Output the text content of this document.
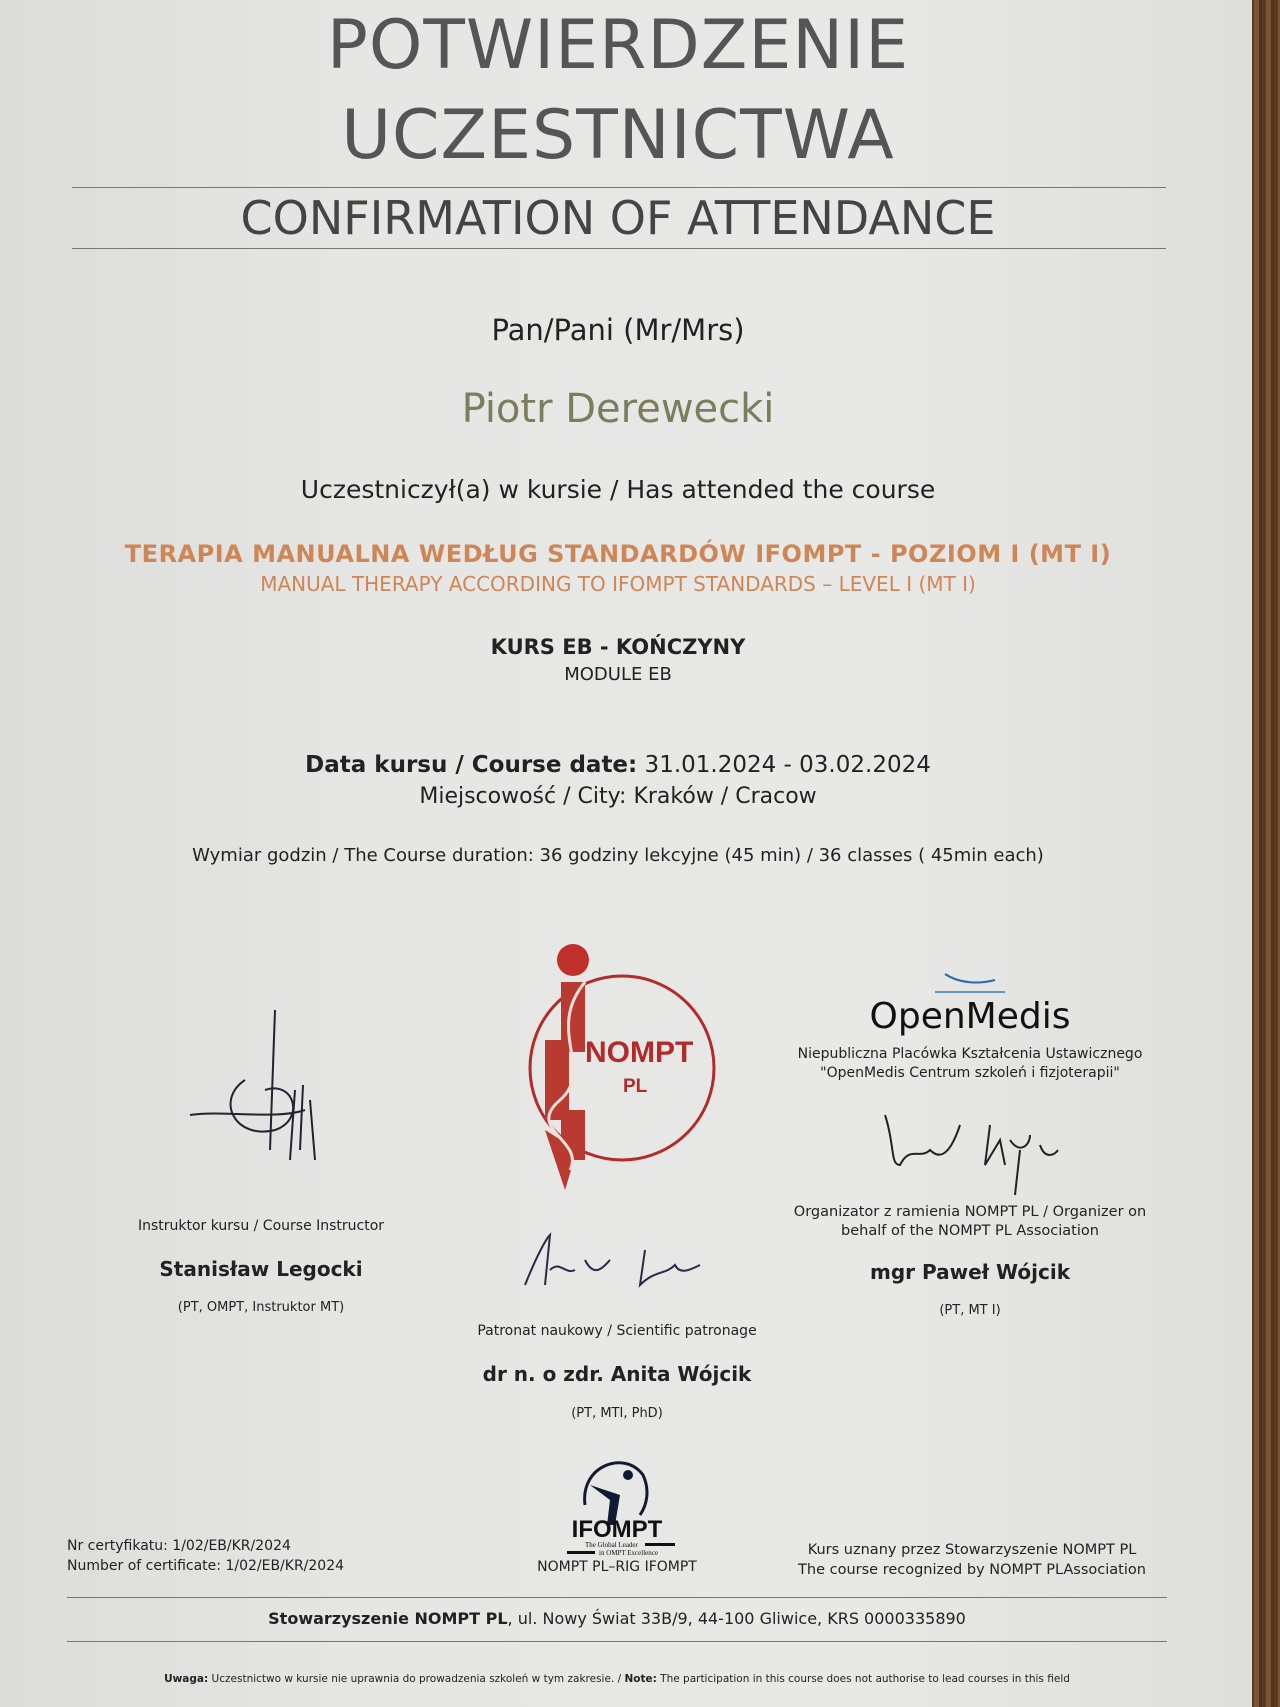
POTWIERDZENIE
UCZESTNICTWA
CONFIRMATION OF ATTENDANCE
Pan/Pani (Mr/Mrs)
Piotr Derewecki
Uczestniczył(a) w kursie / Has attended the course
TERAPIA MANUALNA WEDŁUG STANDARDÓW IFOMPT - POZIOM I (MT I)
MANUAL THERAPY ACCORDING TO IFOMPT STANDARDS – LEVEL I (MT I)
KURS EB - KOŃCZYNY
MODULE EB
Data kursu / Course date: 31.01.2024 - 03.02.2024
Miejscowość / City: Kraków / Cracow
Wymiar godzin / The Course duration: 36 godziny lekcyjne (45 min) / 36 classes ( 45min each)
NOMPT
PL
Instruktor kursu / Course Instructor
Stanisław Legocki
(PT, OMPT, Instruktor MT)
Patronat naukowy / Scientific patronage
dr n. o zdr. Anita Wójcik
(PT, MTI, PhD)
OpenMedis
Niepubliczna Placówka Kształcenia Ustawicznego
"OpenMedis Centrum szkoleń i fizjoterapii"
Organizator z ramienia NOMPT PL / Organizer on
behalf of the NOMPT PL Association
mgr Paweł Wójcik
(PT, MT I)
IFOMPT
The Global Leader
in OMPT Excellence
NOMPT PL–RIG IFOMPT
Nr certyfikatu: 1/02/EB/KR/2024
Number of certificate: 1/02/EB/KR/2024
Kurs uznany przez Stowarzyszenie NOMPT PL
The course recognized by NOMPT PLAssociation
Stowarzyszenie NOMPT PL, ul. Nowy Świat 33B/9, 44-100 Gliwice, KRS 0000335890
Uwaga: Uczestnictwo w kursie nie uprawnia do prowadzenia szkoleń w tym zakresie. / Note: The participation in this course does not authorise to lead courses in this field
